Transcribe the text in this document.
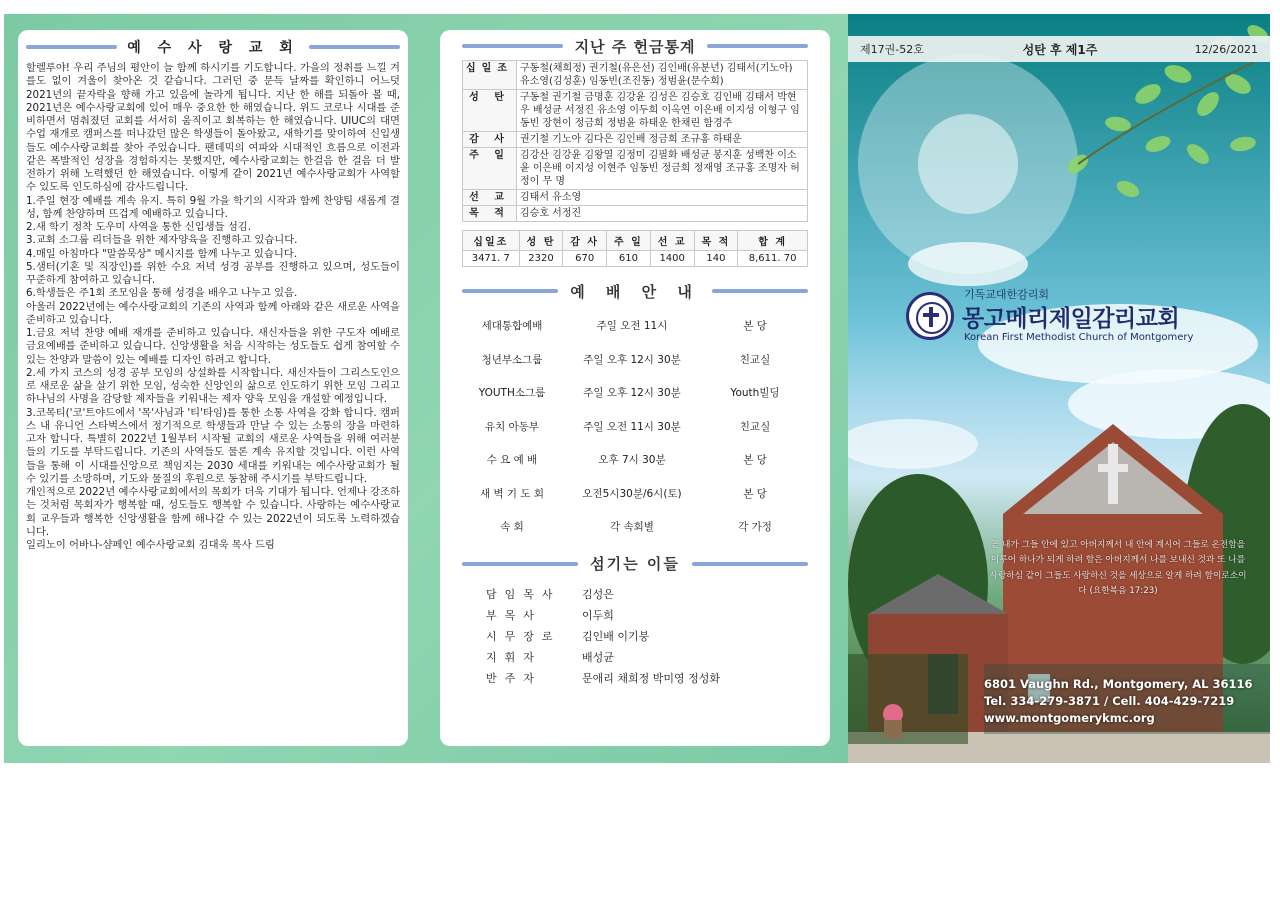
예 수 사 랑 교 회

할렐루야! 우리 주님의 평안이 늘 함께 하시기를 기도합니다. 가을의 정취를 느낄 겨를도 없이 겨울이 찾아온 것 같습니다. 그러던 중 문득 날짜를 확인하니 어느덧 2021년의 끝자락을 향해 가고 있음에 놀라게 됩니다. 지난 한 해를 되돌아 볼 때, 2021년은 예수사랑교회에 있어 매우 중요한 한 해였습니다. 위드 코로나 시대를 준비하면서 멈춰졌던 교회를 서서히 움직이고 회복하는 한 해였습니다. UIUC의 대면 수업 재개로 캠퍼스를 떠나갔던 많은 학생들이 돌아왔고, 새학기를 맞이하여 신입생들도 예수사랑교회를 찾아 주었습니다. 팬데믹의 여파와 시대적인 흐름으로 이전과 같은 폭발적인 성장을 경험하지는 못했지만, 예수사랑교회는 한걸음 한 걸음 더 발전하기 위해 노력했던 한 해였습니다. 이렇게 같이 2021년 예수사랑교회가 사역할 수 있도록 인도하심에 감사드립니다.

1.주일 현장 예배를 계속 유지. 특히 9월 가을 학기의 시작과 함께 찬양팀 새롭게 결성, 함께 찬양하며 뜨겁게 예배하고 있습니다.

2.새 학기 정착 도우미 사역을 통한 신입생들 섬김.

3.교회 소그룹 리더들을 위한 제자양육을 진행하고 있습니다.

4.매일 아침마다 "말씀묵상" 메시지를 함께 나누고 있습니다.

5.샘터(기혼 및 직장인)를 위한 수요 저녁 성경 공부를 진행하고 있으며, 성도들이 꾸준하게 참여하고 있습니다.

6.학생들은 주1회 조모임을 통해 성경을 배우고 나누고 있음.

아울러 2022년에는 예수사랑교회의 기존의 사역과 함께 아래와 같은 새로운 사역을 준비하고 있습니다.

1.금요 저녁 찬양 예배 재개를 준비하고 있습니다. 새신자들을 위한 구도자 예배로 금요예배를 준비하고 있습니다. 신앙생활을 처음 시작하는 성도들도 쉽게 참여할 수 있는 찬양과 말씀이 있는 예배를 디자인 하려고 합니다.

2.세 가지 코스의 성경 공부 모임의 상설화를 시작합니다. 새신자들이 그리스도인으로 새로운 삶을 살기 위한 모임, 성숙한 신앙인의 삶으로 인도하기 위한 모임 그리고 하나님의 사명을 감당할 제자들을 키워내는 제자 양육 모임을 개설할 예정입니다.

3.코목티('코'트야드에서 '목'사님과 '티'타임)를 통한 소통 사역을 강화 합니다. 캠퍼스 내 유니언 스타벅스에서 정기적으로 학생들과 만날 수 있는 소통의 장을 마련하고자 합니다. 특별히 2022년 1월부터 시작될 교회의 새로운 사역들을 위해 여러분들의 기도를 부탁드립니다. 기존의 사역들도 물론 계속 유지할 것입니다. 이런 사역들을 통해 이 시대를신앙으로 책임지는 2030 세대를 키워내는 예수사랑교회가 될 수 있기를 소망하며, 기도와 물질의 후원으로 동참해 주시기를 부탁드립니다.

개인적으로 2022년 예수사랑교회에서의 목회가 더욱 기대가 됩니다. 언제나 강조하는 것처럼 목회자가 행복할 때, 성도들도 행복할 수 있습니다. 사랑하는 예수사랑교회 교우들과 행복한 신앙생활을 함께 해나갈 수 있는 2022년이 되도록 노력하겠습니다.

일리노이 어바나-샴페인 예수사랑교회 김대욱 목사 드림

지난 주 헌금통계
십일조	구동철(채희정) 권기철(유은선) 김인배(유분년) 김태서(기노아) 유소영(김성훈) 임동빈(조진동) 정범윤(문수희)
성 탄	구동철 권기철 금명훈 김강윤 김성은 김승호 김인배 김태서 박현우 배성균 서정진 유소영 이두희 이옥연 이은배 이지성 이형구 임동빈 장현이 정금희 정범윤 하태운 한채린 함경주
감 사	권기철 기노아 김다은 김인배 정금희 조규홍 하태운
주 일	김강산 김강윤 김왕열 김정미 김필화 배성균 봉지훈 성백찬 이소윤 이은배 이지성 이현주 임동빈 정금희 정재영 조규홍 조명자 허정이 무 명
선 교	김태서 유소영
목 적	김승호 서정진
십일조	성 탄	감 사	주 일	선 교	목 적	합 계
3471. 7	2320	670	610	1400	140	8,611. 70
예 배 안 내
세대통합예배	주일 오전 11시	본 당
청년부소그룹	주일 오후 12시 30분	친교실
YOUTH소그룹	주일 오후 12시 30분	Youth빌딩
유치 아동부	주일 오전 11시 30분	친교실
수 요 예 배	오후 7시 30분	본 당
새 벽 기 도 회	오전5시30분/6시(토)	본 당
속 회	각 속회별	각 가정
섬기는 이들
담임목사	김성은
부목사	이두희
시무장로	김인배 이기붕
지휘자	배성균
반주자	문애리 채희정 박미영 정성화
제17권-52호	성탄 후 제1주	12/26/2021
기독교대한감리회
몽고메리제일감리교회
Korean First Methodist Church of Montgomery
곧 내가 그들 안에 있고 아버지께서 내 안에 계시어 그들로 온전함을 이루어 하나가 되게 하려 함은 아버지께서 나를 보내신 것과 또 나를 사랑하심 같이 그들도 사랑하신 것을 세상으로 알게 하려 함이로소이다 (요한복음 17:23)
6801 Vaughn Rd., Montgomery, AL 36116
Tel. 334-279-3871 / Cell. 404-429-7219
www.montgomerykmc.org
